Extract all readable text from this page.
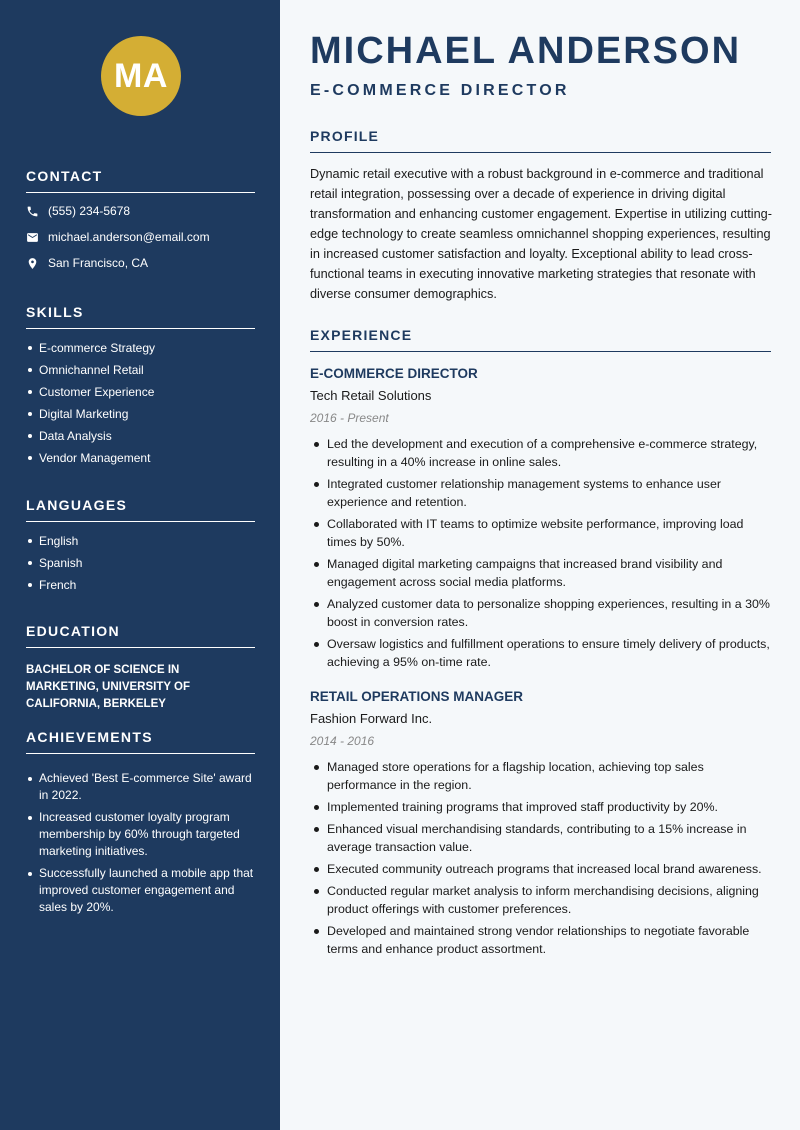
MA
CONTACT
(555) 234-5678
michael.anderson@email.com
San Francisco, CA
SKILLS
E-commerce Strategy
Omnichannel Retail
Customer Experience
Digital Marketing
Data Analysis
Vendor Management
LANGUAGES
English
Spanish
French
EDUCATION
BACHELOR OF SCIENCE IN MARKETING, UNIVERSITY OF CALIFORNIA, BERKELEY
ACHIEVEMENTS
Achieved 'Best E-commerce Site' award in 2022.
Increased customer loyalty program membership by 60% through targeted marketing initiatives.
Successfully launched a mobile app that improved customer engagement and sales by 20%.
MICHAEL ANDERSON
E-COMMERCE DIRECTOR
PROFILE

Dynamic retail executive with a robust background in e-commerce and traditional retail integration, possessing over a decade of experience in driving digital transformation and enhancing customer engagement. Expertise in utilizing cutting-edge technology to create seamless omnichannel shopping experiences, resulting in increased customer satisfaction and loyalty. Exceptional ability to lead cross-functional teams in executing innovative marketing strategies that resonate with diverse consumer demographics.

EXPERIENCE

E-COMMERCE DIRECTOR

Tech Retail Solutions

2016 - Present

Led the development and execution of a comprehensive e-commerce strategy, resulting in a 40% increase in online sales.
Integrated customer relationship management systems to enhance user experience and retention.
Collaborated with IT teams to optimize website performance, improving load times by 50%.
Managed digital marketing campaigns that increased brand visibility and engagement across social media platforms.
Analyzed customer data to personalize shopping experiences, resulting in a 30% boost in conversion rates.
Oversaw logistics and fulfillment operations to ensure timely delivery of products, achieving a 95% on-time rate.

RETAIL OPERATIONS MANAGER

Fashion Forward Inc.

2014 - 2016

Managed store operations for a flagship location, achieving top sales performance in the region.
Implemented training programs that improved staff productivity by 20%.
Enhanced visual merchandising standards, contributing to a 15% increase in average transaction value.
Executed community outreach programs that increased local brand awareness.
Conducted regular market analysis to inform merchandising decisions, aligning product offerings with customer preferences.
Developed and maintained strong vendor relationships to negotiate favorable terms and enhance product assortment.
